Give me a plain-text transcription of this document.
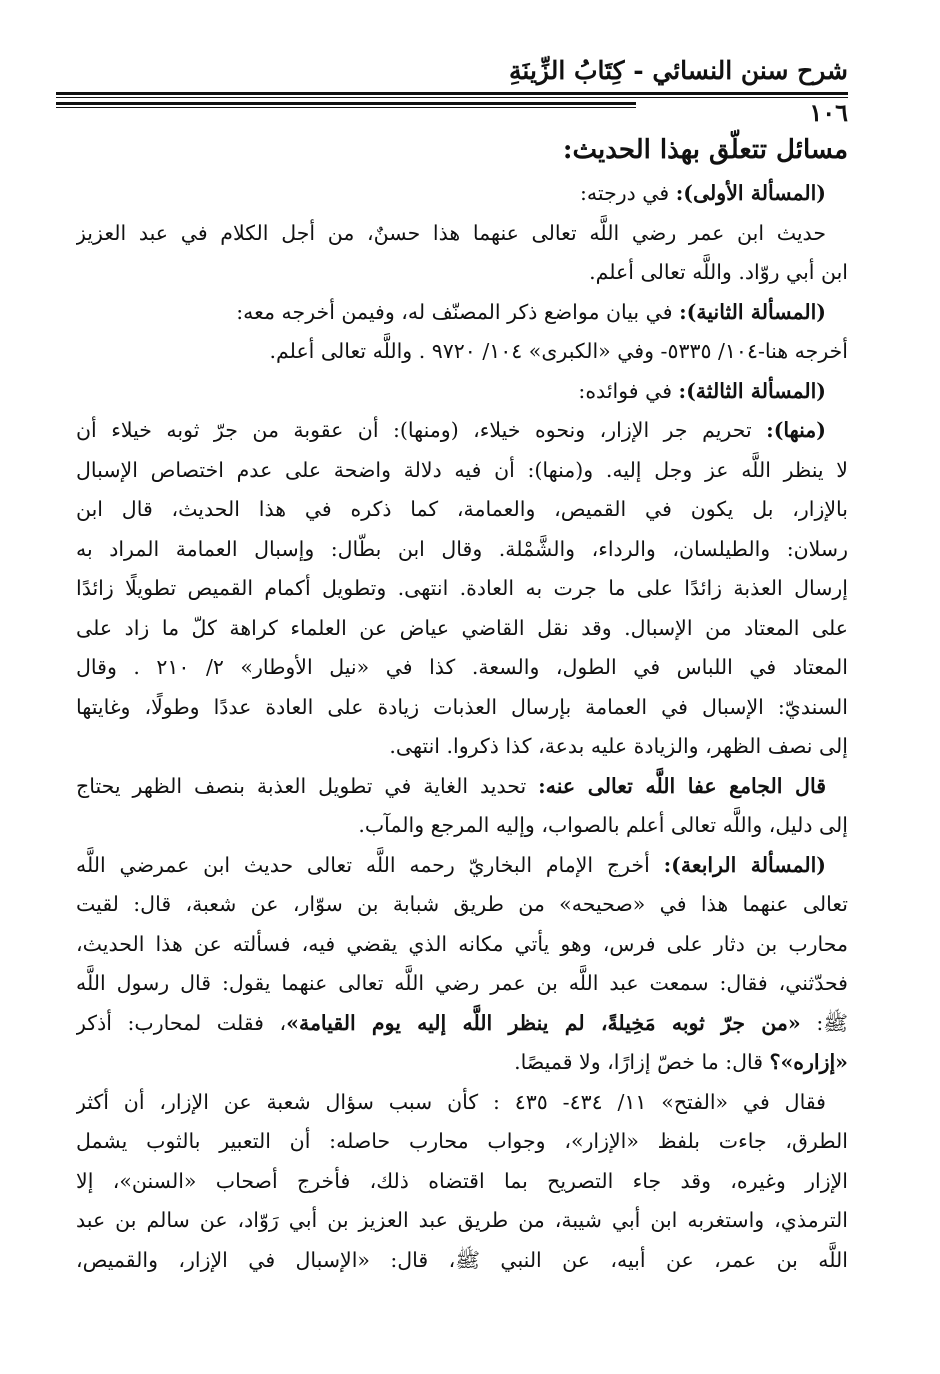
شرح سنن النسائي - كِتَابُ الزِّينَةِ
١٠٦
مسائل تتعلّق بهذا الحديث:
(المسألة الأولى): في درجته:
حديث ابن عمر رضي اللَّه تعالى عنهما هذا حسنٌ، من أجل الكلام في عبد العزيز
ابن أبي روّاد. واللَّه تعالى أعلم.
(المسألة الثانية): في بيان مواضع ذكر المصنّف له، وفيمن أخرجه معه:
أخرجه هنا-١٠٤/ ٥٣٣٥- وفي «الكبرى» ١٠٤/ ٩٧٢٠ . واللَّه تعالى أعلم.
(المسألة الثالثة): في فوائده:
(منها): تحريم جر الإزار، ونحوه خيلاء، (ومنها): أن عقوبة من جرّ ثوبه خيلاء أن
لا ينظر اللَّه عز وجل إليه. و(منها): أن فيه دلالة واضحة على عدم اختصاص الإسبال
بالإزار، بل يكون في القميص، والعمامة، كما ذكره في هذا الحديث، قال ابن
رسلان: والطيلسان، والرداء، والشَّمْلة. وقال ابن بطّال: وإسبال العمامة المراد به
إرسال العذبة زائدًا على ما جرت به العادة. انتهى. وتطويل أكمام القميص تطويلًا زائدًا
على المعتاد من الإسبال. وقد نقل القاضي عياض عن العلماء كراهة كلّ ما زاد على
المعتاد في اللباس في الطول، والسعة. كذا في «نيل الأوطار» ٢/ ٢١٠ . وقال
السنديّ: الإسبال في العمامة بإرسال العذبات زيادة على العادة عددًا وطولًا، وغايتها
إلى نصف الظهر، والزيادة عليه بدعة، كذا ذكروا. انتهى.
قال الجامع عفا اللَّه تعالى عنه: تحديد الغاية في تطويل العذبة بنصف الظهر يحتاج
إلى دليل، واللَّه تعالى أعلم بالصواب، وإليه المرجع والمآب.
(المسألة الرابعة): أخرج الإمام البخاريّ رحمه اللَّه تعالى حديث ابن عمرضي اللَّه
تعالى عنهما هذا في «صحيحه» من طريق شبابة بن سوّار، عن شعبة، قال: لقيت
محارب بن دثار على فرس، وهو يأتي مكانه الذي يقضي فيه، فسألته عن هذا الحديث،
فحدّثني، فقال: سمعت عبد اللَّه بن عمر رضي اللَّه تعالى عنهما يقول: قال رسول اللَّه
ﷺ: «من جرّ ثوبه مَخِيلةً، لم ينظر اللَّه إليه يوم القيامة»، فقلت لمحارب: أذكر
«إزاره»؟ قال: ما خصّ إزارًا، ولا قميصًا.
فقال في «الفتح» ١١/ ٤٣٤- ٤٣٥ : كأن سبب سؤال شعبة عن الإزار، أن أكثر
الطرق، جاءت بلفظ «الإزار»، وجواب محارب حاصله: أن التعبير بالثوب يشمل
الإزار وغيره، وقد جاء التصريح بما اقتضاه ذلك، فأخرج أصحاب «السنن»، إلا
الترمذي، واستغربه ابن أبي شيبة، من طريق عبد العزيز بن أبي رَوّاد، عن سالم بن عبد
اللَّه بن عمر، عن أبيه، عن النبي ﷺ، قال: «الإسبال في الإزار، والقميص،
